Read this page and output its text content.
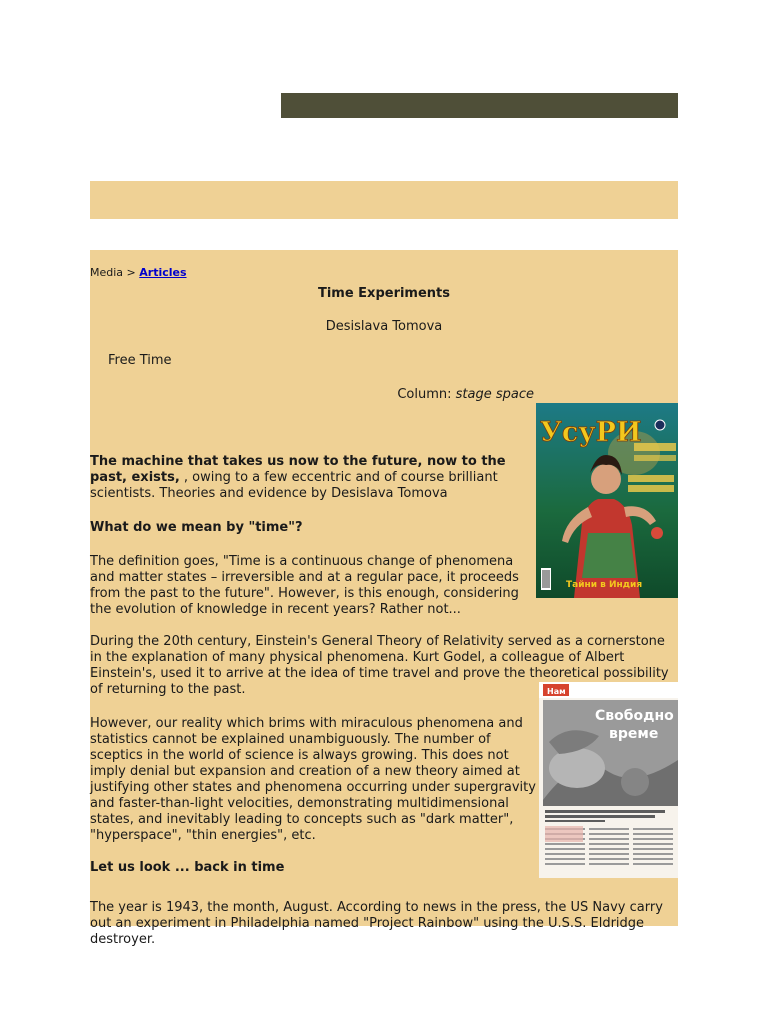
Media > Articles
Time Experiments
Desislava Tomova
Free Time
Column: stage space
УсуРИ
Тайни в Индия

The machine that takes us now to the future, now to the past, exists, , owing to a few eccentric and of course brilliant scientists. Theories and evidence by Desislava Tomova

What do we mean by "time"?

The definition goes, "Time is a continuous change of phenomena and matter states – irreversible and at a regular pace, it proceeds from the past to the future". However, is this enough, considering the evolution of knowledge in recent years? Rather not...

During the 20th century, Einstein's General Theory of Relativity served as a cornerstone in the explanation of many physical phenomena. Kurt Godel, a colleague of Albert Einstein's, used it to arrive at the idea of time travel and prove the theoretical possibility of returning to the past.	Нам
Свободно
време

However, our reality which brims with miraculous phenomena and statistics cannot be explained unambiguously. The number of sceptics in the world of science is always growing. This does not imply denial but expansion and creation of a new theory aimed at justifying other states and phenomena occurring under supergravity and faster-than-light velocities, demonstrating multidimensional states, and inevitably leading to concepts such as "dark matter", "hyperspace", "thin energies", etc.

Let us look ... back in time

The year is 1943, the month, August. According to news in the press, the US Navy carry out an experiment in Philadelphia named "Project Rainbow" using the U.S.S. Eldridge destroyer.
